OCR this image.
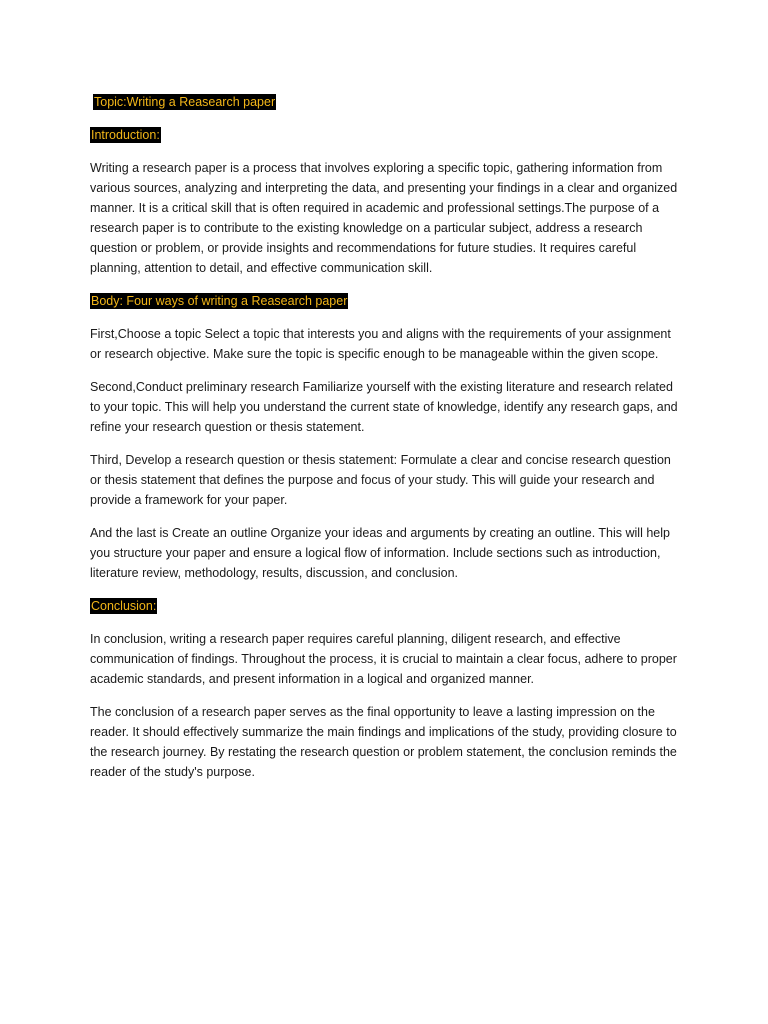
Topic:Writing a Reasearch paper
Introduction:

Writing a research paper is a process that involves exploring a specific topic, gathering information from various sources, analyzing and interpreting the data, and presenting your findings in a clear and organized manner. It is a critical skill that is often required in academic and professional settings.The purpose of a research paper is to contribute to the existing knowledge on a particular subject, address a research question or problem, or provide insights and recommendations for future studies. It requires careful planning, attention to detail, and effective communication skill.

Body: Four ways of writing a Reasearch paper

First,Choose a topic Select a topic that interests you and aligns with the requirements of your assignment or research objective. Make sure the topic is specific enough to be manageable within the given scope.

Second,Conduct preliminary research Familiarize yourself with the existing literature and research related to your topic. This will help you understand the current state of knowledge, identify any research gaps, and refine your research question or thesis statement.

Third, Develop a research question or thesis statement: Formulate a clear and concise research question or thesis statement that defines the purpose and focus of your study. This will guide your research and provide a framework for your paper.

And the last is Create an outline Organize your ideas and arguments by creating an outline. This will help you structure your paper and ensure a logical flow of information. Include sections such as introduction, literature review, methodology, results, discussion, and conclusion.

Conclusion:

In conclusion, writing a research paper requires careful planning, diligent research, and effective communication of findings. Throughout the process, it is crucial to maintain a clear focus, adhere to proper academic standards, and present information in a logical and organized manner.

The conclusion of a research paper serves as the final opportunity to leave a lasting impression on the reader. It should effectively summarize the main findings and implications of the study, providing closure to the research journey. By restating the research question or problem statement, the conclusion reminds the reader of the study's purpose.
